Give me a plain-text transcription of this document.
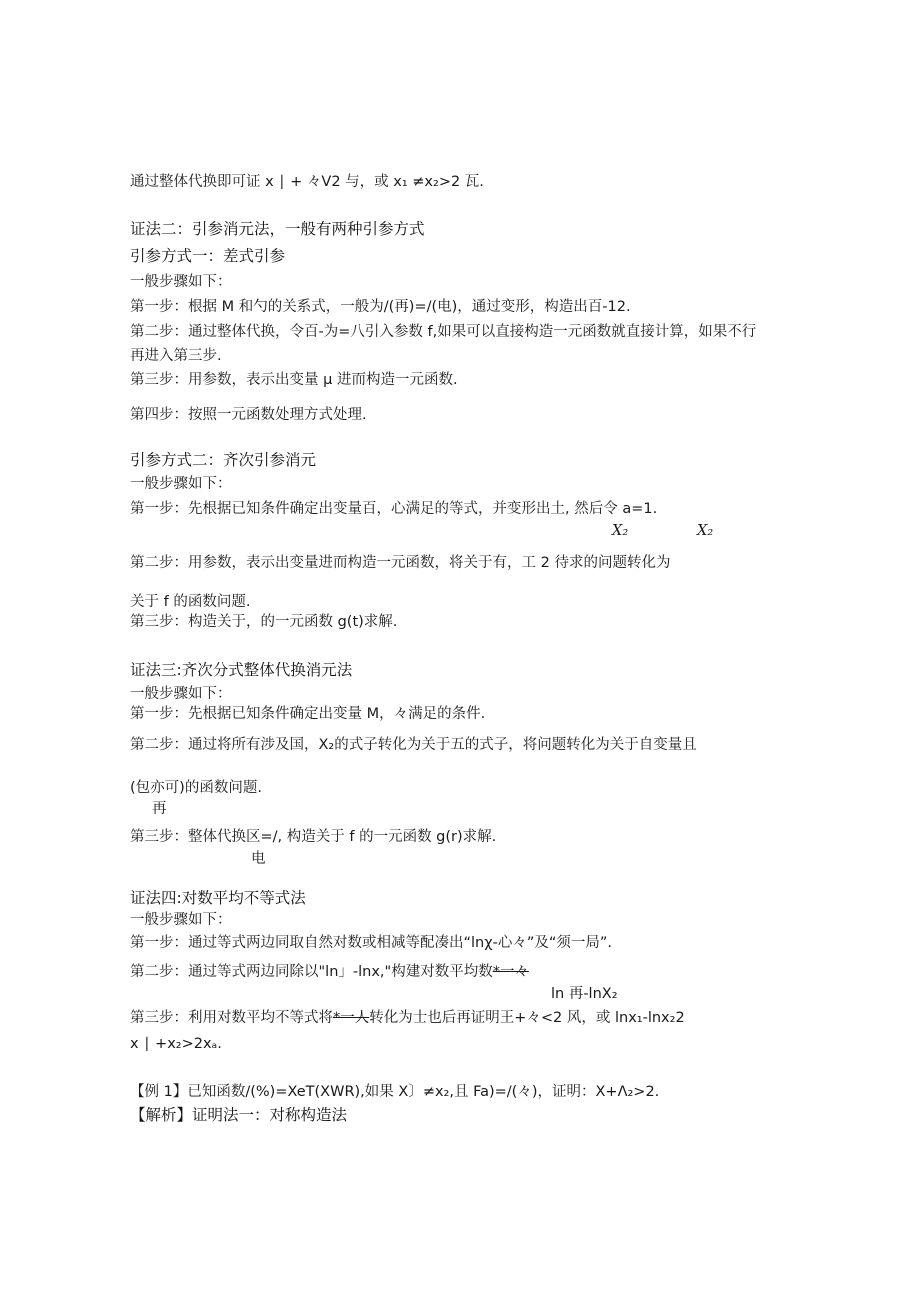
通过整体代换即可证 x ∣ + 々V2 与，或 x₁ ≠x₂>2 瓦.
证法二：引参消元法，一般有两种引参方式
引参方式一：差式引参
一般步骤如下：
第一步：根据 M 和勺的关系式，一般为/(再)=/(电)，通过变形，构造出百-12.
第二步：通过整体代换，令百-为=八引入参数 f,如果可以直接构造一元函数就直接计算，如果不行
再进入第三步.
第三步：用参数，表示出变量 μ 进而构造一元函数.
第四步：按照一元函数处理方式处理.
引参方式二：齐次引参消元
一般步骤如下：
第一步：先根据已知条件确定出变量百，心满足的等式，并变形出土, 然后令 a=1.
X₂	X₂
第二步：用参数，表示出变量进而构造一元函数，将关于有，工 2 待求的问题转化为
关于 f 的函数问题.
第三步：构造关于，的一元函数 g(t)求解.
证法三:齐次分式整体代换消元法
一般步骤如下：
第一步：先根据已知条件确定出变量 M，々满足的条件.
第二步：通过将所有涉及国，X₂的式子转化为关于五的式子，将问题转化为关于自变量且
(包亦可)的函数问题.
再
第三步：整体代换区=/, 构造关于 f 的一元函数 g(r)求解.
电
证法四:对数平均不等式法
一般步骤如下：
第一步：通过等式两边同取自然对数或相减等配凑出“lnχ-心々”及“须一局”.
第二步：通过等式两边同除以"ln」-lnx,"构建对数平均数*一々
ln 再-lnX₂
第三步：利用对数平均不等式将*一人转化为士也后再证明王+々<2 风，或 lnx₁-lnx₂2
x ∣ +x₂>2xₐ.
【例 1】已知函数/(%)=XeT(XWR),如果 X〕≠x₂,且 Fa)=/(々)，证明：X+Λ₂>2.
【解析】证明法一：对称构造法
